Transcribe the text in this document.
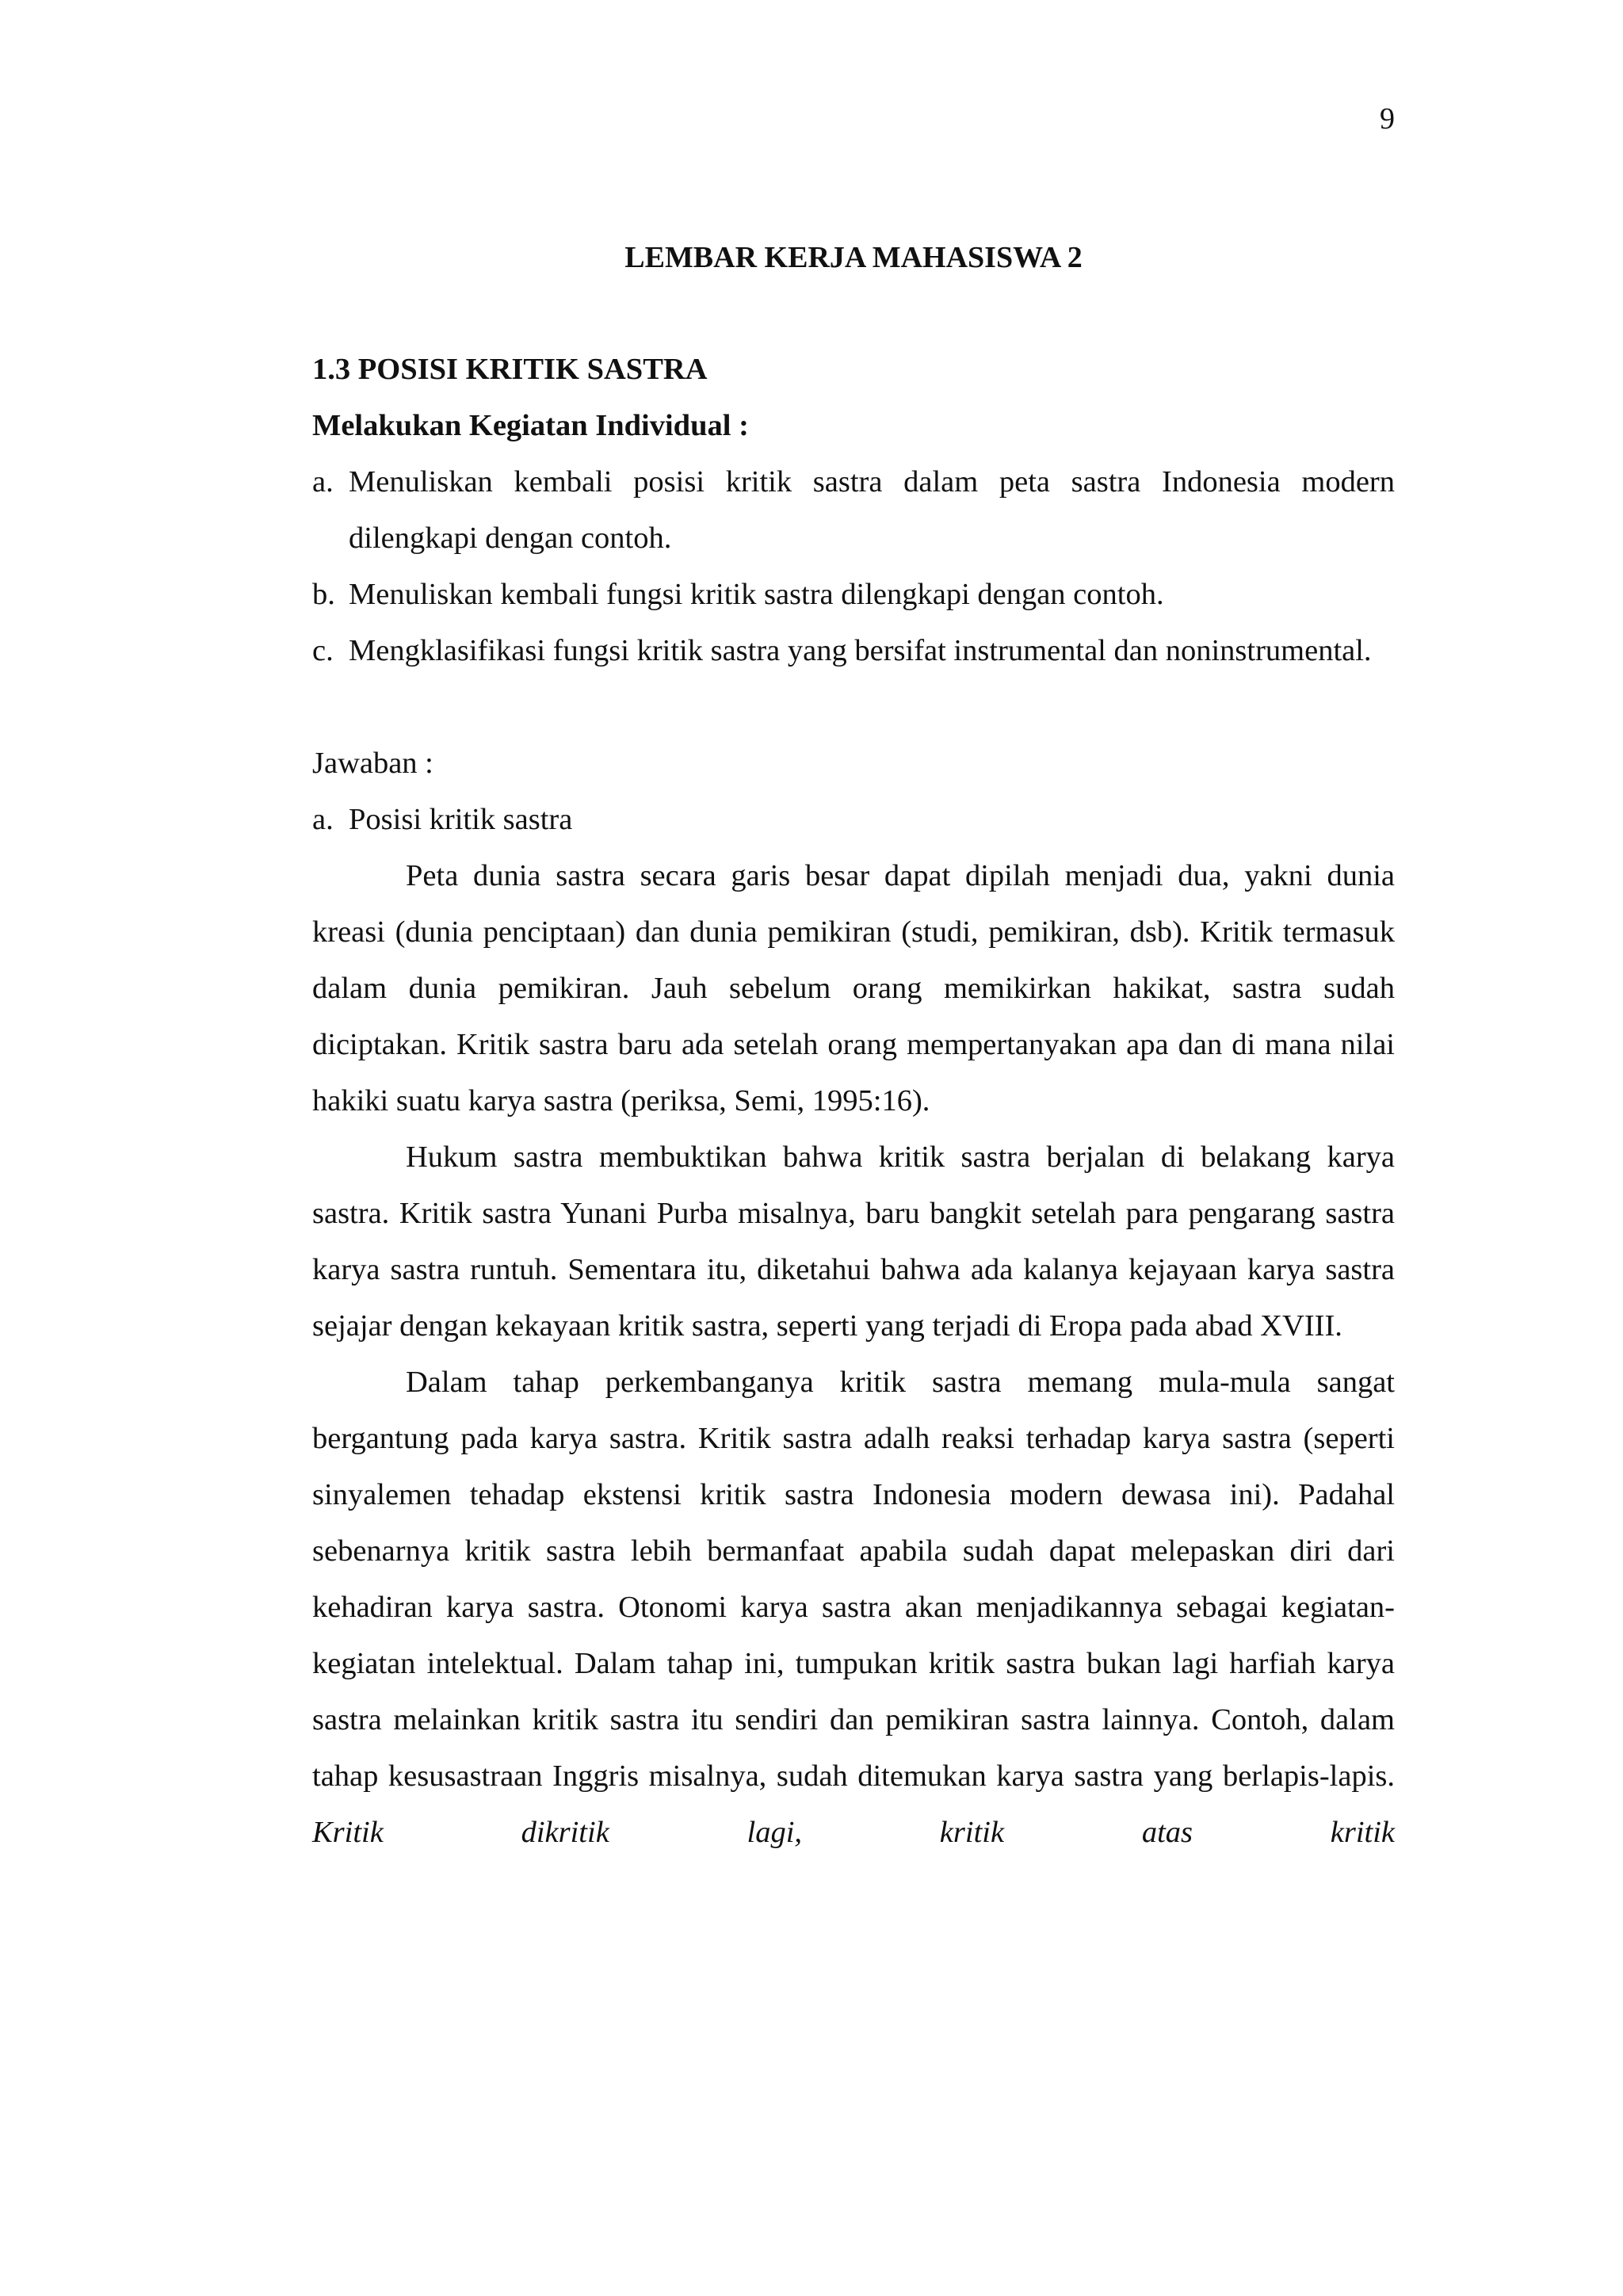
9

LEMBAR KERJA MAHASISWA 2

1.3 POSISI KRITIK SASTRA

Melakukan Kegiatan Individual :

a. Menuliskan kembali posisi kritik sastra dalam peta sastra Indonesia modern dilengkapi dengan contoh.
b. Menuliskan kembali fungsi kritik sastra dilengkapi dengan contoh.
c. Mengklasifikasi fungsi kritik sastra yang bersifat instrumental dan noninstrumental.

Jawaban :

a. Posisi kritik sastra

Peta dunia sastra secara garis besar dapat dipilah menjadi dua, yakni dunia kreasi (dunia penciptaan) dan dunia pemikiran (studi, pemikiran, dsb). Kritik termasuk dalam dunia pemikiran. Jauh sebelum orang memikirkan hakikat, sastra sudah diciptakan. Kritik sastra baru ada setelah orang mempertanyakan apa dan di mana nilai hakiki suatu karya sastra (periksa, Semi, 1995:16).

Hukum sastra membuktikan bahwa kritik sastra berjalan di belakang karya sastra. Kritik sastra Yunani Purba misalnya, baru bangkit setelah para pengarang sastra karya sastra runtuh. Sementara itu, diketahui bahwa ada kalanya kejayaan karya sastra sejajar dengan kekayaan kritik sastra, seperti yang terjadi di Eropa pada abad XVIII.

Dalam tahap perkembanganya kritik sastra memang mula-mula sangat bergantung pada karya sastra. Kritik sastra adalh reaksi terhadap karya sastra (seperti sinyalemen tehadap ekstensi kritik sastra Indonesia modern dewasa ini). Padahal sebenarnya kritik sastra lebih bermanfaat apabila sudah dapat melepaskan diri dari kehadiran karya sastra. Otonomi karya sastra akan menjadikannya sebagai kegiatan-kegiatan intelektual. Dalam tahap ini, tumpukan kritik sastra bukan lagi harfiah karya sastra melainkan kritik sastra itu sendiri dan pemikiran sastra lainnya. Contoh, dalam tahap kesusastraan Inggris misalnya, sudah ditemukan karya sastra yang berlapis-lapis. Kritik dikritik lagi, kritik atas kritik
